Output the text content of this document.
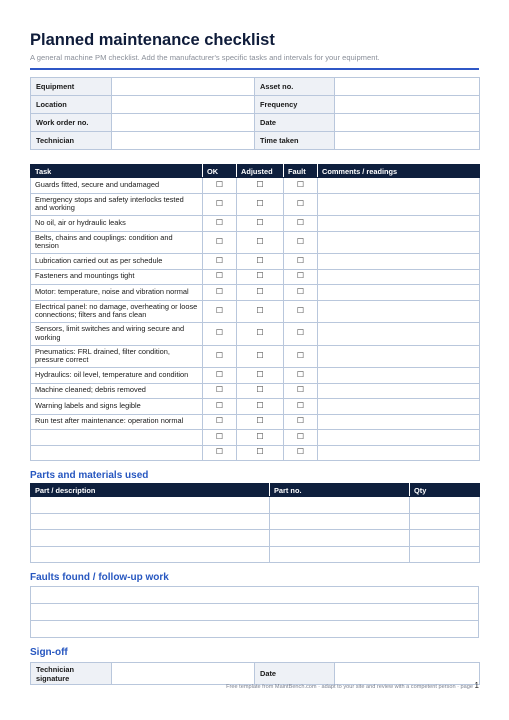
Planned maintenance checklist
A general machine PM checklist. Add the manufacturer's specific tasks and intervals for your equipment.
Equipment		Asset no.	
Location		Frequency	
Work order no.		Date	
Technician		Time taken	
Task	OK	Adjusted	Fault	Comments / readings
Guards fitted, secure and undamaged	☐	☐	☐	
Emergency stops and safety interlocks tested and working	☐	☐	☐	
No oil, air or hydraulic leaks	☐	☐	☐	
Belts, chains and couplings: condition and tension	☐	☐	☐	
Lubrication carried out as per schedule	☐	☐	☐	
Fasteners and mountings tight	☐	☐	☐	
Motor: temperature, noise and vibration normal	☐	☐	☐	
Electrical panel: no damage, overheating or loose connections; filters and fans clean	☐	☐	☐	
Sensors, limit switches and wiring secure and working	☐	☐	☐	
Pneumatics: FRL drained, filter condition, pressure correct	☐	☐	☐	
Hydraulics: oil level, temperature and condition	☐	☐	☐	
Machine cleaned; debris removed	☐	☐	☐	
Warning labels and signs legible	☐	☐	☐	
Run test after maintenance: operation normal	☐	☐	☐	
	☐	☐	☐	
	☐	☐	☐	
Parts and materials used
Part / description	Part no.	Qty

Faults found / follow-up work

Sign-off
Technician signature		Date	
Free template from MaintBench.com · adapt to your site and review with a competent person · page 1
